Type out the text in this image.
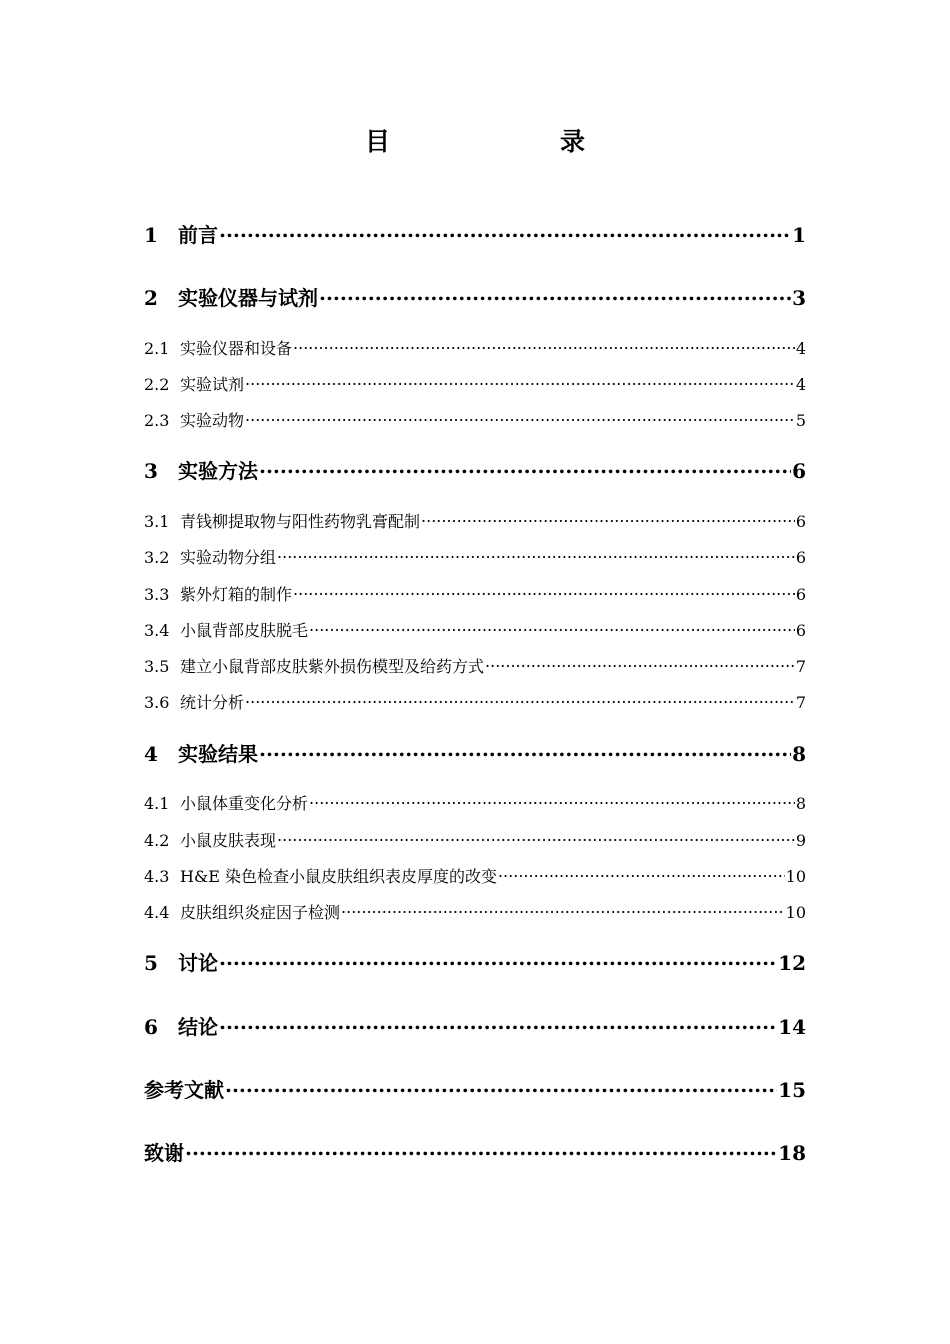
目　　录
1	前言 .....	1
2	实验仪器与试剂 .....	3
2.1 实验仪器和设备 .....	4
2.2 实验试剂 .....	4
2.3 实验动物 .....	5
3	实验方法 .....	6
3.1 青钱柳提取物与阳性药物乳膏配制 .....	6
3.2 实验动物分组 .....	6
3.3 紫外灯箱的制作 .....	6
3.4 小鼠背部皮肤脱毛 .....	6
3.5 建立小鼠背部皮肤紫外损伤模型及给药方式 .....	7
3.6 统计分析 .....	7
4	实验结果 .....	8
4.1 小鼠体重变化分析 .....	8
4.2 小鼠皮肤表现 .....	9
4.3 H&E 染色检查小鼠皮肤组织表皮厚度的改变 .....	10
4.4 皮肤组织炎症因子检测 .....	10
5	讨论 .....	12
6	结论 .....	14
参考文献 .....	15
致谢 .....	18
